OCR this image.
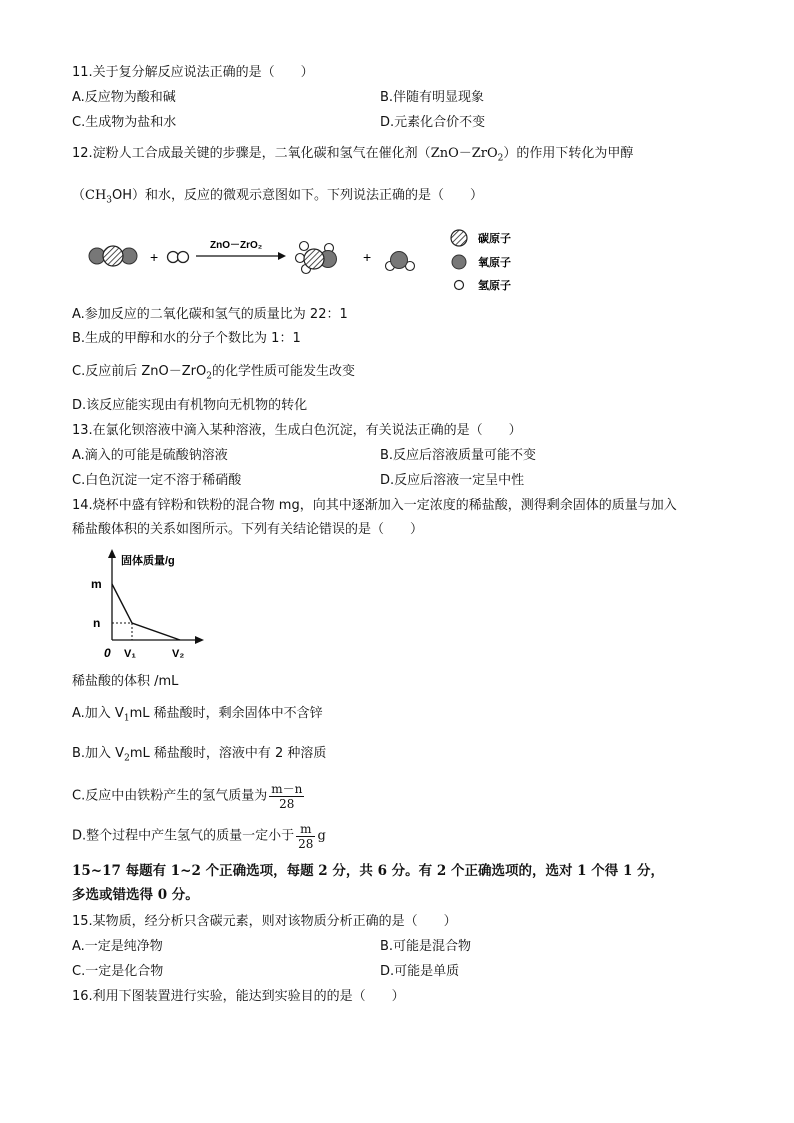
11.关于复分解反应说法正确的是（　　）
A.反应物为酸和碱	B.伴随有明显现象
C.生成物为盐和水	D.元素化合价不变
12.淀粉人工合成最关键的步骤是，二氧化碳和氢气在催化剂（ZnO－ZrO$_2$）的作用下转化为甲醇
$(CH_3OH)$和水，反应的微观示意图如下。下列说法正确的是（　　）
+
ZnO－ZrO₂
+
碳原子
氧原子
氢原子
A.参加反应的二氧化碳和氢气的质量比为 22：1
B.生成的甲醇和水的分子个数比为 1：1
C.反应前后 ZnO－ZrO$_2$的化学性质可能发生改变
D.该反应能实现由有机物向无机物的转化
13.在氯化钡溶液中滴入某种溶液，生成白色沉淀，有关说法正确的是（　　）
A.滴入的可能是硫酸钠溶液	B.反应后溶液质量可能不变
C.白色沉淀一定不溶于稀硝酸	D.反应后溶液一定呈中性
14.烧杯中盛有锌粉和铁粉的混合物 mg，向其中逐渐加入一定浓度的稀盐酸，测得剩余固体的质量与加入
稀盐酸体积的关系如图所示。下列有关结论错误的是（　　）
固体质量/g
m
n
0 V₁	V₂
稀盐酸的体积 /mL
A.加入 $V_1mL$ 稀盐酸时，剩余固体中不含锌
B.加入 $V_2mL$ 稀盐酸时，溶液中有 2 种溶质
C.反应中由铁粉产生的氢气质量为 $\frac{m-n}{28}$
D.整个过程中产生氢气的质量一定小于 $\frac{m}{28}$ g
15~17 每题有 1~2 个正确选项，每题 2 分，共 6 分。有 2 个正确选项的，选对 1 个得 1 分，
多选或错选得 0 分。
15.某物质，经分析只含碳元素，则对该物质分析正确的是（　　）
A.一定是纯净物	B.可能是混合物
C.一定是化合物	D.可能是单质
16.利用下图装置进行实验，能达到实验目的的是（　　）
